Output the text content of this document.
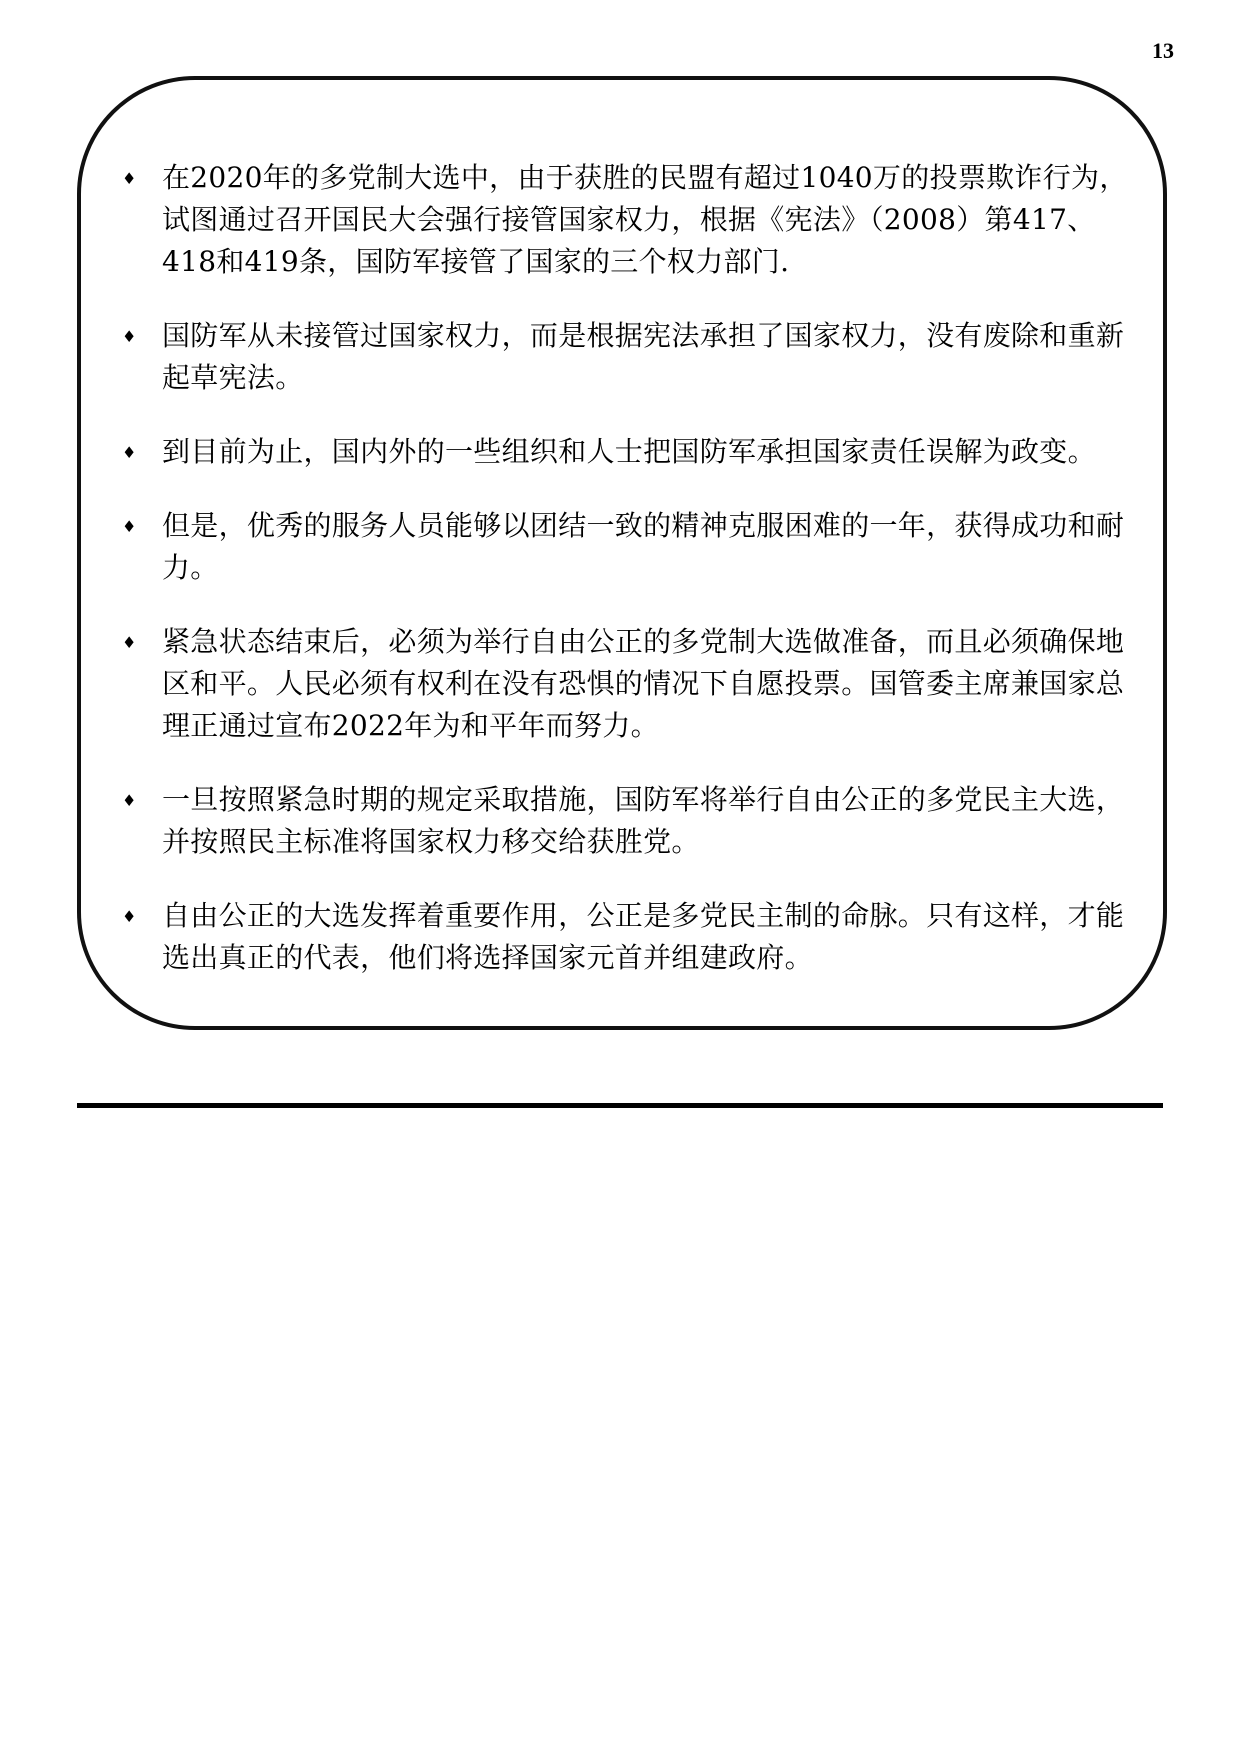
13
♦ 在2020年的多党制大选中，由于获胜的民盟有超过1040万的投票欺诈行为，试图通过召开国民大会强行接管国家权力，根据《宪法》（2008）第417、418和419条，国防军接管了国家的三个权力部门.
♦ 国防军从未接管过国家权力，而是根据宪法承担了国家权力，没有废除和重新起草宪法。
♦ 到目前为止，国内外的一些组织和人士把国防军承担国家责任误解为政变。
♦ 但是，优秀的服务人员能够以团结一致的精神克服困难的一年，获得成功和耐力。
♦ 紧急状态结束后，必须为举行自由公正的多党制大选做准备，而且必须确保地区和平。人民必须有权利在没有恐惧的情况下自愿投票。国管委主席兼国家总理正通过宣布2022年为和平年而努力。
♦ 一旦按照紧急时期的规定采取措施，国防军将举行自由公正的多党民主大选，并按照民主标准将国家权力移交给获胜党。
♦ 自由公正的大选发挥着重要作用，公正是多党民主制的命脉。只有这样，才能选出真正的代表，他们将选择国家元首并组建政府。
